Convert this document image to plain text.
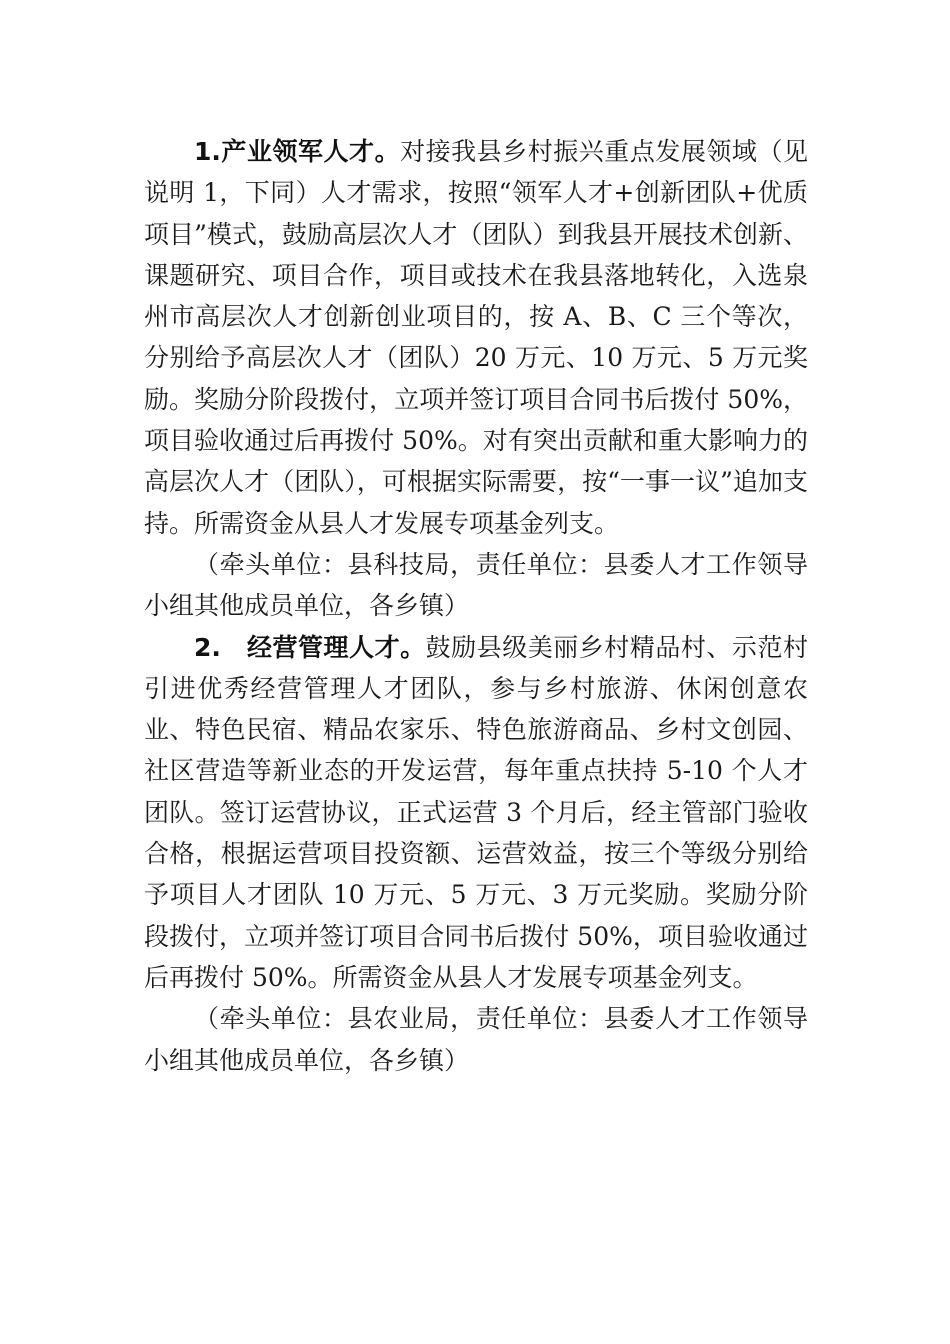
1.产业领军人才。对接我县乡村振兴重点发展领域（见说明 1，下同）人才需求，按照“领军人才+创新团队+优质项目”模式，鼓励高层次人才（团队）到我县开展技术创新、课题研究、项目合作，项目或技术在我县落地转化，入选泉州市高层次人才创新创业项目的，按 A、B、C 三个等次，分别给予高层次人才（团队）20 万元、10 万元、5 万元奖励。奖励分阶段拨付，立项并签订项目合同书后拨付 50%，项目验收通过后再拨付 50%。对有突出贡献和重大影响力的高层次人才（团队），可根据实际需要，按“一事一议”追加支持。所需资金从县人才发展专项基金列支。

（牵头单位：县科技局，责任单位：县委人才工作领导小组其他成员单位，各乡镇）

2.　经营管理人才。鼓励县级美丽乡村精品村、示范村引进优秀经营管理人才团队，参与乡村旅游、休闲创意农业、特色民宿、精品农家乐、特色旅游商品、乡村文创园、社区营造等新业态的开发运营，每年重点扶持 5-10 个人才团队。签订运营协议，正式运营 3 个月后，经主管部门验收合格，根据运营项目投资额、运营效益，按三个等级分别给予项目人才团队 10 万元、5 万元、3 万元奖励。奖励分阶段拨付，立项并签订项目合同书后拨付 50%，项目验收通过后再拨付 50%。所需资金从县人才发展专项基金列支。

（牵头单位：县农业局，责任单位：县委人才工作领导小组其他成员单位，各乡镇）
